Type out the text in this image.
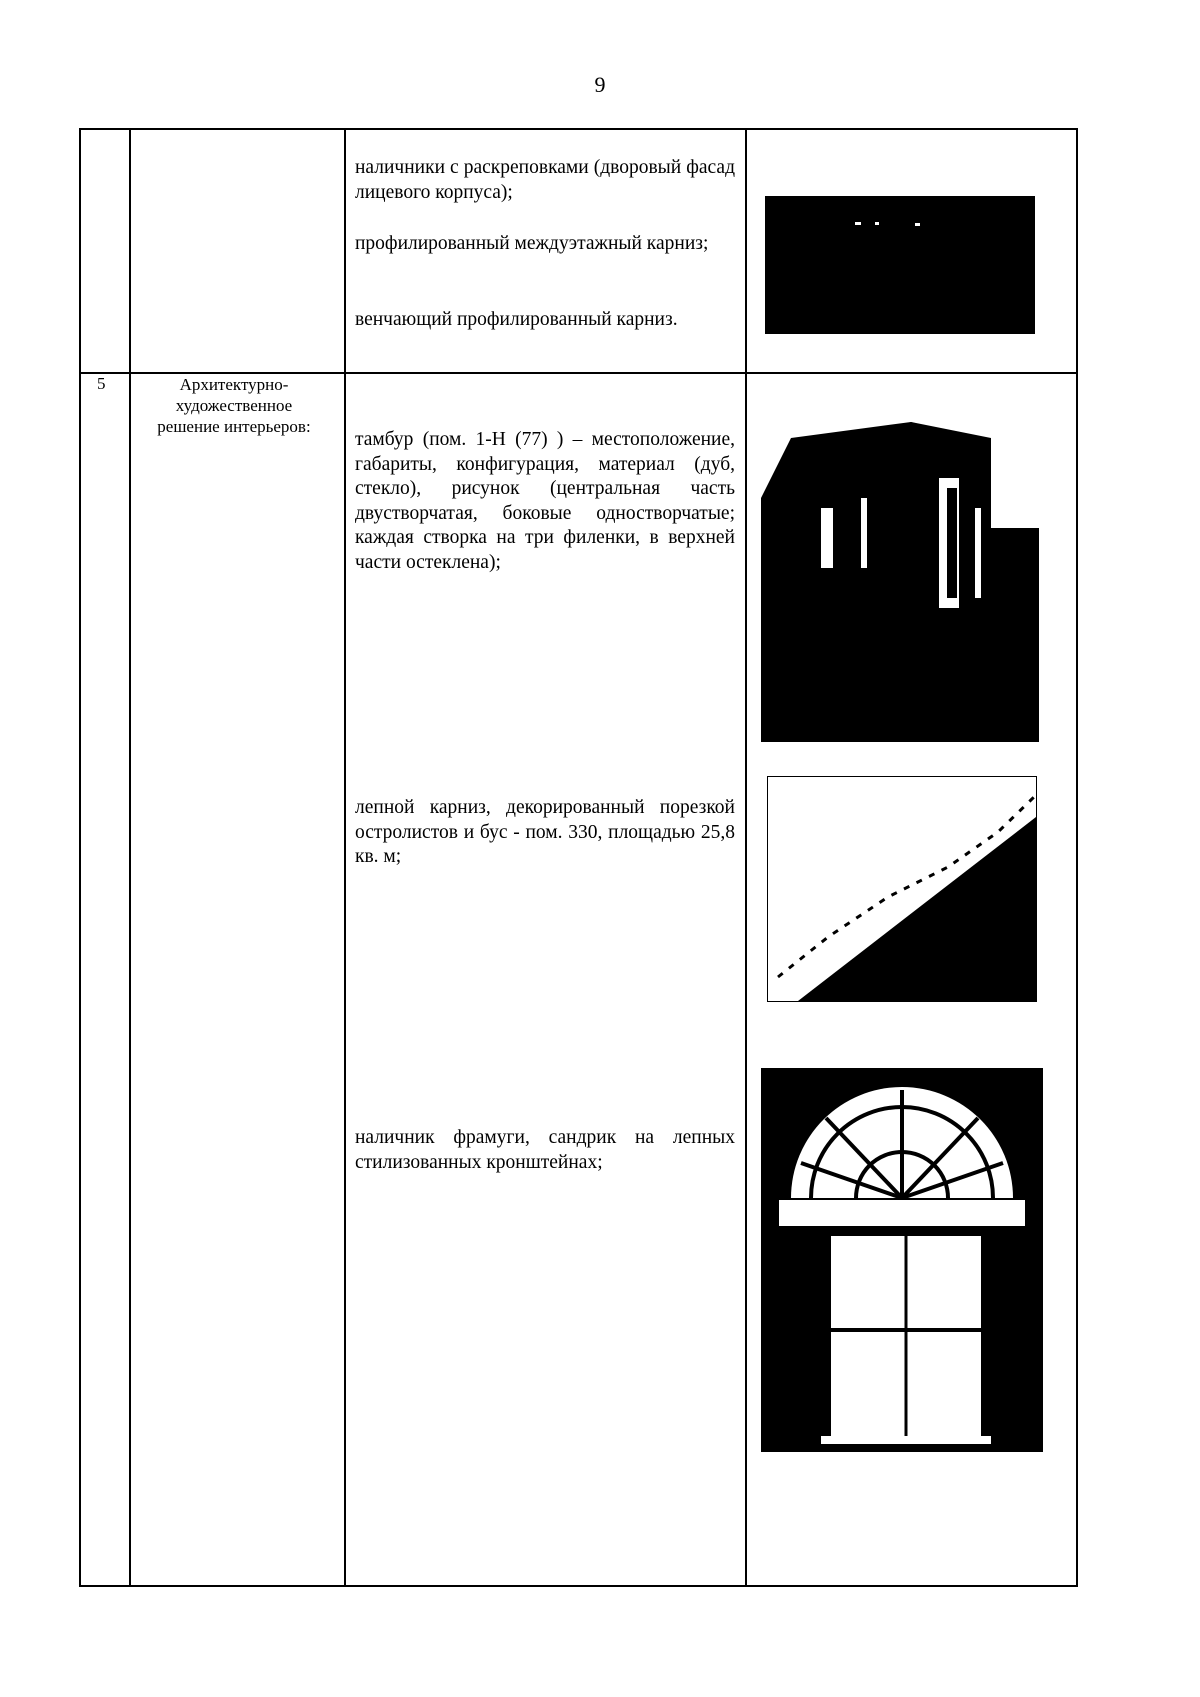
9
наличники с раскреповками (дворовый фасад лицевого корпуса);
профилированный междуэтажный карниз;
венчающий профилированный карниз.
5	Архитектурно-художественное решение интерьеров:
тамбур (пом. 1-Н (77) ) – местоположение, габариты, конфигурация, материал (дуб, стекло), рисунок (центральная часть двустворчатая, боковые одностворчатые; каждая створка на три филенки, в верхней части остеклена);
лепной карниз, декорированный порезкой остролистов и бус - пом. 330, площадью 25,8 кв. м;
наличник фрамуги, сандрик на лепных стилизованных кронштейнах;
